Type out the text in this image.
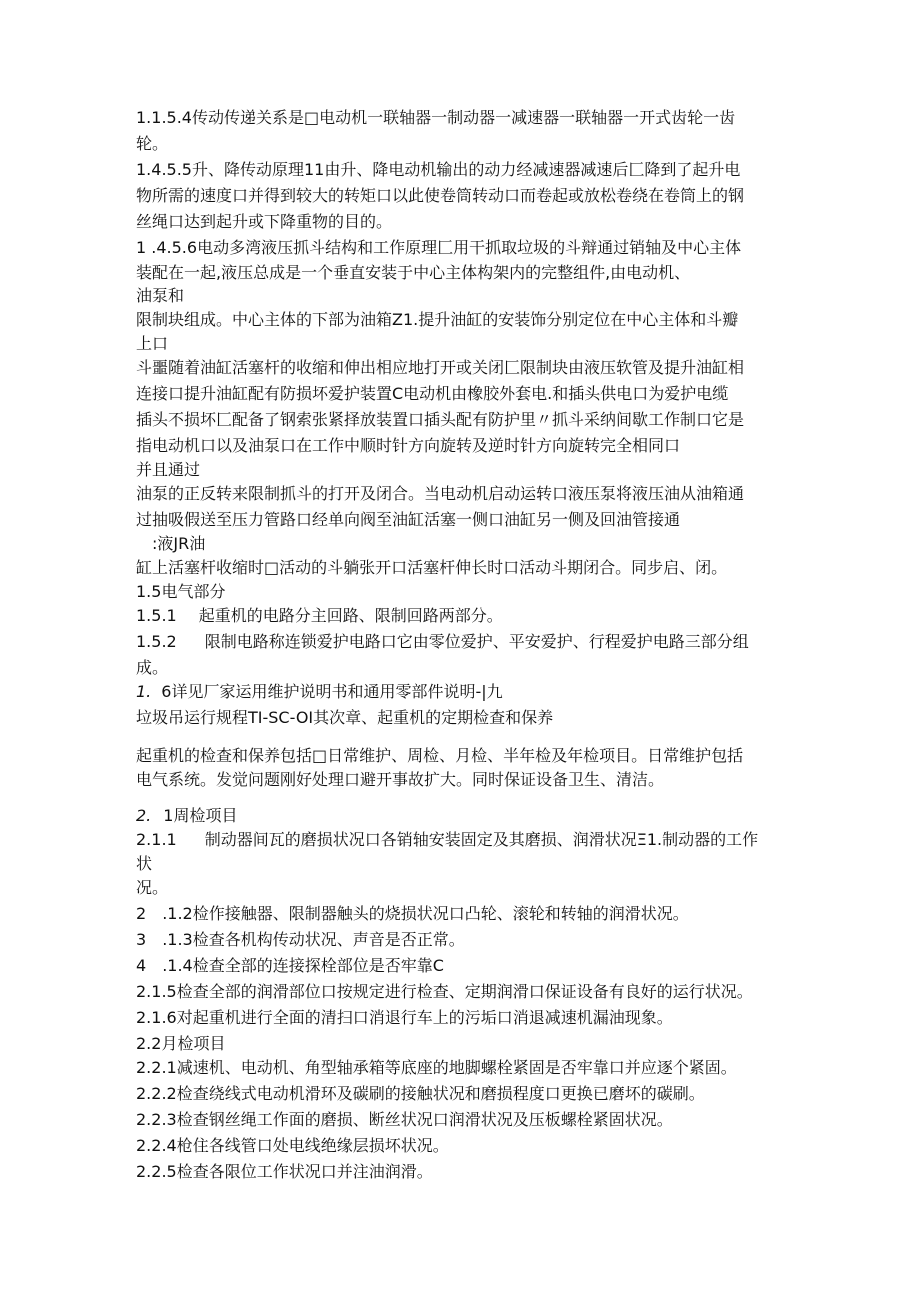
1.1.5.4传动传递关系是□电动机一联轴器一制动器一减速器一联轴器一开式齿轮一齿
轮。
1.4.5.5升、降传动原理11由升、降电动机输出的动力经减速器减速后匚降到了起升电
物所需的速度口并得到较大的转矩口以此使卷筒转动口而卷起或放松卷绕在卷筒上的钢
丝绳口达到起升或下降重物的目的。
1 .4.5.6电动多湾液压抓斗结构和工作原理匚用干抓取垃圾的斗辩通过销轴及中心主体
装配在一起,液压总成是一个垂直安装于中心主体构架内的完整组件,由电动机、
油泵和
限制块组成。中心主体的下部为油箱Z1.提升油缸的安装饰分别定位在中心主体和斗瓣
上口
斗噩随着油缸活塞杆的收缩和伸出相应地打开或关闭匚限制块由液压软管及提升油缸相
连接口提升油缸配有防损坏爱护装置C电动机由橡胶外套电.和插头供电口为爱护电缆
插头不损坏匚配备了钢索张紧择放装置口插头配有防护里〃抓斗采纳间歇工作制口它是
指电动机口以及油泵口在工作中顺时针方向旋转及逆时针方向旋转完全相同口
并且通过
油泵的正反转来限制抓斗的打开及闭合。当电动机启动运转口液压泵将液压油从油箱通
过抽吸假送至压力管路口经单向阀至油缸活塞一侧口油缸另一侧及回油管接通
:液JR油
缸上活塞杆收缩时□活动的斗躺张开口活塞杆伸长时口活动斗期闭合。同步启、闭。
1.5电气部分
1.5.1 起重机的电路分主回路、限制回路两部分。
1.5.2 限制电路称连锁爱护电路口它由零位爱护、平安爱护、行程爱护电路三部分组
成。
1. 6详见厂家运用维护说明书和通用零部件说明-|九
垃圾吊运行规程TI-SC-OI其次章、起重机的定期检查和保养
起重机的检查和保养包括□日常维护、周检、月检、半年检及年检项目。日常维护包括
电气系统。发觉问题刚好处理口避开事故扩大。同时保证设备卫生、清洁。
2. 1周检项目
2.1.1 制动器间瓦的磨损状况口各销轴安装固定及其磨损、润滑状况Ξ1.制动器的工作
状
况。
2 .1.2检作接触器、限制器触头的烧损状况口凸轮、滚轮和转轴的润滑状况。
3 .1.3检查各机构传动状况、声音是否正常。
4 .1.4检查全部的连接探栓部位是否牢靠C
2.1.5检查全部的润滑部位口按规定进行检查、定期润滑口保证设备有良好的运行状况。
2.1.6对起重机进行全面的清扫口消退行车上的污垢口消退减速机漏油现象。
2.2月检项目
2.2.1减速机、电动机、角型轴承箱等底座的地脚螺栓紧固是否牢靠口并应逐个紧固。
2.2.2检查绕线式电动机滑环及碳刷的接触状况和磨损程度口更换已磨坏的碳刷。
2.2.3检查钢丝绳工作面的磨损、断丝状况口润滑状况及压板螺栓紧固状况。
2.2.4枪住各线管口处电线绝缘层损坏状况。
2.2.5检查各限位工作状况口并注油润滑。
